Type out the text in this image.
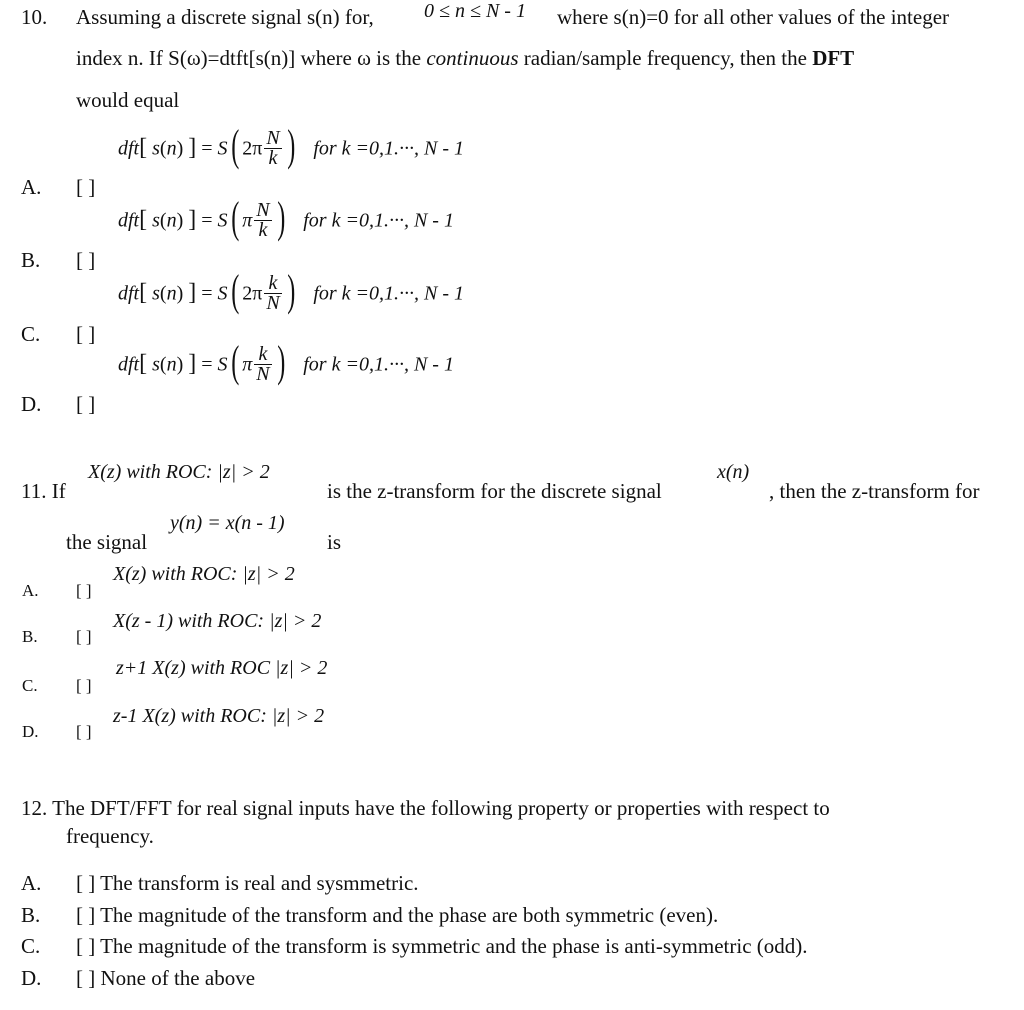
10. Assuming a discrete signal s(n) for,	0 ≤ n ≤ N - 1 where s(n)=0 for all other values of the integer
index n. If S(ω)=dtft[s(n)] where ω is the continuous radian/sample frequency, then the DFT
would equal
A. [ ]
dft[ s(n) ] = S( $2\pi \frac{N}{k}$ ) for k =0,1.···, N - 1
B. [ ]
dft[ s(n) ] = S( π $\frac{N}{k}$ ) for k =0,1.···, N - 1
C. [ ]
dft[ s(n) ] = S( $2\pi \frac{k}{N}$ ) for k =0,1.···, N - 1
D. [ ]
dft[ s(n) ] = S( π $\frac{k}{N}$ ) for k =0,1.···, N - 1
11. If
X(z) with ROC: |z| > 2
is the z-transform for the discrete signal
x(n)
, then the z-transform for
the signal
y(n) = x(n - 1)
is
A. [ ]
X(z) with ROC: |z| > 2
B. [ ]
X(z - 1) with ROC: |z| > 2
C. [ ]
z+1 X(z) with ROC |z| > 2
D. [ ]
z-1 X(z) with ROC: |z| > 2
12. The DFT/FFT for real signal inputs have the following property or properties with respect to
frequency.
A. [ ] The transform is real and sysmmetric.
B. [ ] The magnitude of the transform and the phase are both symmetric (even).
C. [ ] The magnitude of the transform is symmetric and the phase is anti-symmetric (odd).
D. [ ] None of the above
